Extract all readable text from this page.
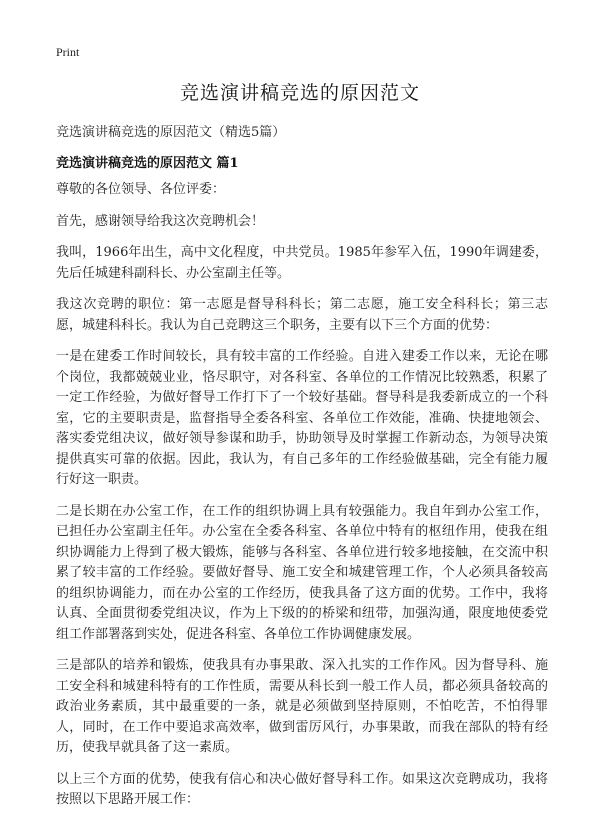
Print
竞选演讲稿竞选的原因范文
竞选演讲稿竞选的原因范文（精选5篇）
竞选演讲稿竞选的原因范文 篇1

尊敬的各位领导、各位评委：

首先，感谢领导给我这次竞聘机会！

我叫，1966年出生，高中文化程度，中共党员。1985年参军入伍，1990年调建委，先后任城建科副科长、办公室副主任等。

我这次竞聘的职位：第一志愿是督导科科长；第二志愿，施工安全科科长；第三志愿，城建科科长。我认为自己竞聘这三个职务，主要有以下三个方面的优势：

一是在建委工作时间较长，具有较丰富的工作经验。自进入建委工作以来，无论在哪个岗位，我都兢兢业业，恪尽职守，对各科室、各单位的工作情况比较熟悉，积累了一定工作经验，为做好督导工作打下了一个较好基础。督导科是我委新成立的一个科室，它的主要职责是，监督指导全委各科室、各单位工作效能，准确、快捷地领会、落实委党组决议，做好领导参谋和助手，协助领导及时掌握工作新动态，为领导决策提供真实可靠的依据。因此，我认为，有自己多年的工作经验做基础，完全有能力履行好这一职责。

二是长期在办公室工作，在工作的组织协调上具有较强能力。我自年到办公室工作，已担任办公室副主任年。办公室在全委各科室、各单位中特有的枢纽作用，使我在组织协调能力上得到了极大锻炼，能够与各科室、各单位进行较多地接触，在交流中积累了较丰富的工作经验。要做好督导、施工安全和城建管理工作，个人必须具备较高的组织协调能力，而在办公室的工作经历，使我具备了这方面的优势。工作中，我将认真、全面贯彻委党组决议，作为上下级的的桥梁和纽带，加强沟通，限度地使委党组工作部署落到实处，促进各科室、各单位工作协调健康发展。

三是部队的培养和锻炼，使我具有办事果敢、深入扎实的工作作风。因为督导科、施工安全科和城建科特有的工作性质，需要从科长到一般工作人员，都必须具备较高的政治业务素质，其中最重要的一条，就是必须做到坚持原则，不怕吃苦，不怕得罪人，同时，在工作中要追求高效率，做到雷厉风行，办事果敢，而我在部队的特有经历，使我早就具备了这一素质。

以上三个方面的优势，使我有信心和决心做好督导科工作。如果这次竞聘成功，我将按照以下思路开展工作：
